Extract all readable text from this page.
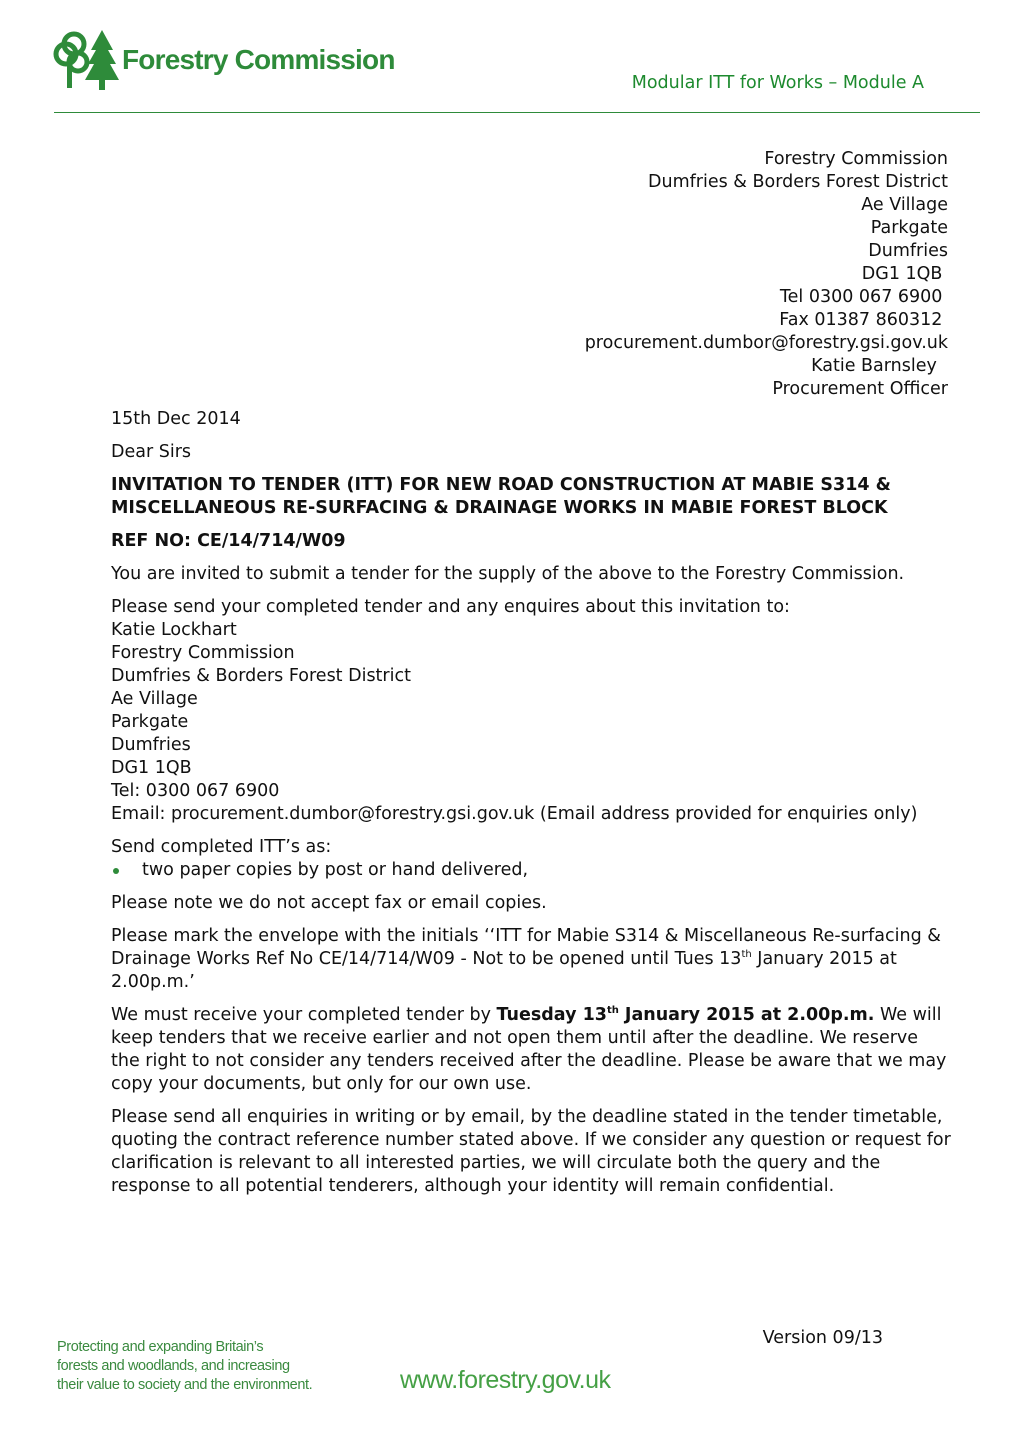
Forestry Commission
Modular ITT for Works – Module A
Forestry Commission
Dumfries & Borders Forest District
Ae Village
Parkgate
Dumfries
DG1 1QB
Tel 0300 067 6900
Fax 01387 860312
procurement.dumbor@forestry.gsi.gov.uk
Katie Barnsley
Procurement Officer

15th Dec 2014

Dear Sirs

INVITATION TO TENDER (ITT) FOR NEW ROAD CONSTRUCTION AT MABIE S314 & MISCELLANEOUS RE-SURFACING & DRAINAGE WORKS IN MABIE FOREST BLOCK

REF NO: CE/14/714/W09

You are invited to submit a tender for the supply of the above to the Forestry Commission.

Please send your completed tender and any enquires about this invitation to:
Katie Lockhart
Forestry Commission
Dumfries & Borders Forest District
Ae Village
Parkgate
Dumfries
DG1 1QB
Tel: 0300 067 6900
Email: procurement.dumbor@forestry.gsi.gov.uk (Email address provided for enquiries only)
Send completed ITT’s as:
two paper copies by post or hand delivered,

Please note we do not accept fax or email copies.

Please mark the envelope with the initials ‘‘ITT for Mabie S314 & Miscellaneous Re-surfacing & Drainage Works Ref No CE/14/714/W09 - Not to be opened until Tues 13th January 2015 at 2.00p.m.’

We must receive your completed tender by Tuesday 13th January 2015 at 2.00p.m. We will keep tenders that we receive earlier and not open them until after the deadline. We reserve the right to not consider any tenders received after the deadline. Please be aware that we may copy your documents, but only for our own use.

Please send all enquiries in writing or by email, by the deadline stated in the tender timetable, quoting the contract reference number stated above. If we consider any question or request for clarification is relevant to all interested parties, we will circulate both the query and the response to all potential tenderers, although your identity will remain confidential.

Version 09/13
Protecting and expanding Britain’s
forests and woodlands, and increasing
their value to society and the environment.	www.forestry.gov.uk
